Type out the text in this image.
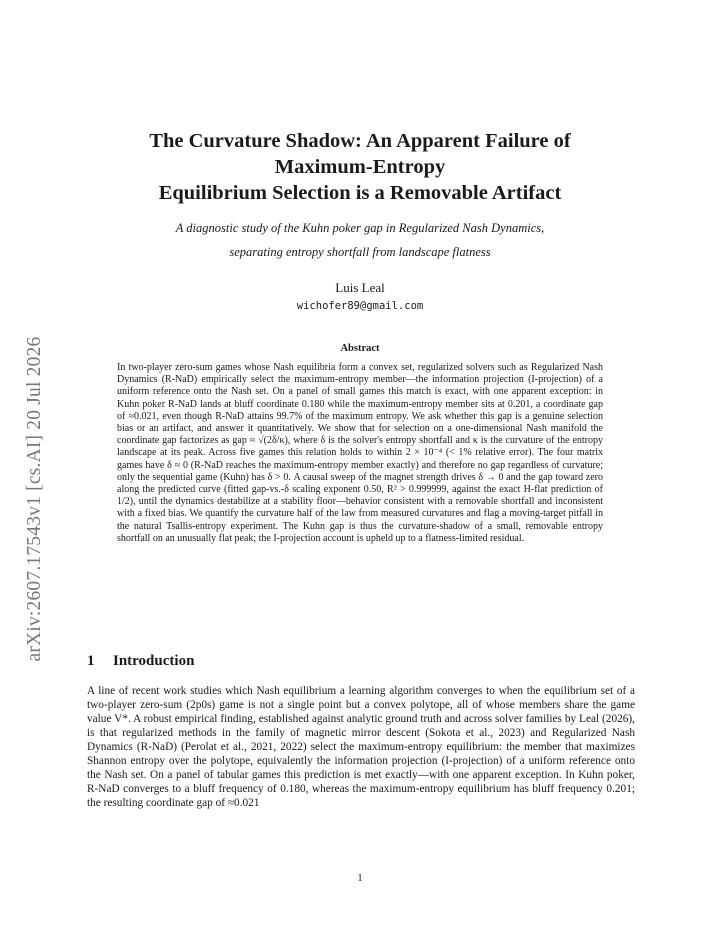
arXiv:2607.17543v1 [cs.AI] 20 Jul 2026
The Curvature Shadow: An Apparent Failure of
Maximum-Entropy
Equilibrium Selection is a Removable Artifact

A diagnostic study of the Kuhn poker gap in Regularized Nash Dynamics,
separating entropy shortfall from landscape flatness

Luis Leal
wichofer89@gmail.com
Abstract

In two-player zero-sum games whose Nash equilibria form a convex set, regularized solvers such as Regularized Nash Dynamics (R-NaD) empirically select the maximum-entropy member—the information projection (I-projection) of a uniform reference onto the Nash set. On a panel of small games this match is exact, with one apparent exception: in Kuhn poker R-NaD lands at bluff coordinate 0.180 while the maximum-entropy member sits at 0.201, a coordinate gap of ≈0.021, even though R-NaD attains 99.7% of the maximum entropy. We ask whether this gap is a genuine selection bias or an artifact, and answer it quantitatively. We show that for selection on a one-dimensional Nash manifold the coordinate gap factorizes as gap ≈ √(2δ/κ), where δ is the solver's entropy shortfall and κ is the curvature of the entropy landscape at its peak. Across five games this relation holds to within 2 × 10⁻⁴ (< 1% relative error). The four matrix games have δ ≈ 0 (R-NaD reaches the maximum-entropy member exactly) and therefore no gap regardless of curvature; only the sequential game (Kuhn) has δ > 0. A causal sweep of the magnet strength drives δ → 0 and the gap toward zero along the predicted curve (fitted gap-vs.-δ scaling exponent 0.50, R² > 0.999999, against the exact H-flat prediction of 1/2), until the dynamics destabilize at a stability floor—behavior consistent with a removable shortfall and inconsistent with a fixed bias. We quantify the curvature half of the law from measured curvatures and flag a moving-target pitfall in the natural Tsallis-entropy experiment. The Kuhn gap is thus the curvature-shadow of a small, removable entropy shortfall on an unusually flat peak; the I-projection account is upheld up to a flatness-limited residual.

1 Introduction

A line of recent work studies which Nash equilibrium a learning algorithm converges to when the equilibrium set of a two-player zero-sum (2p0s) game is not a single point but a convex polytope, all of whose members share the game value V*. A robust empirical finding, established against analytic ground truth and across solver families by Leal (2026), is that regularized methods in the family of magnetic mirror descent (Sokota et al., 2023) and Regularized Nash Dynamics (R-NaD) (Perolat et al., 2021, 2022) select the maximum-entropy equilibrium: the member that maximizes Shannon entropy over the polytope, equivalently the information projection (I-projection) of a uniform reference onto the Nash set. On a panel of tabular games this prediction is met exactly—with one apparent exception. In Kuhn poker, R-NaD converges to a bluff frequency of 0.180, whereas the maximum-entropy equilibrium has bluff frequency 0.201; the resulting coordinate gap of ≈0.021

1
